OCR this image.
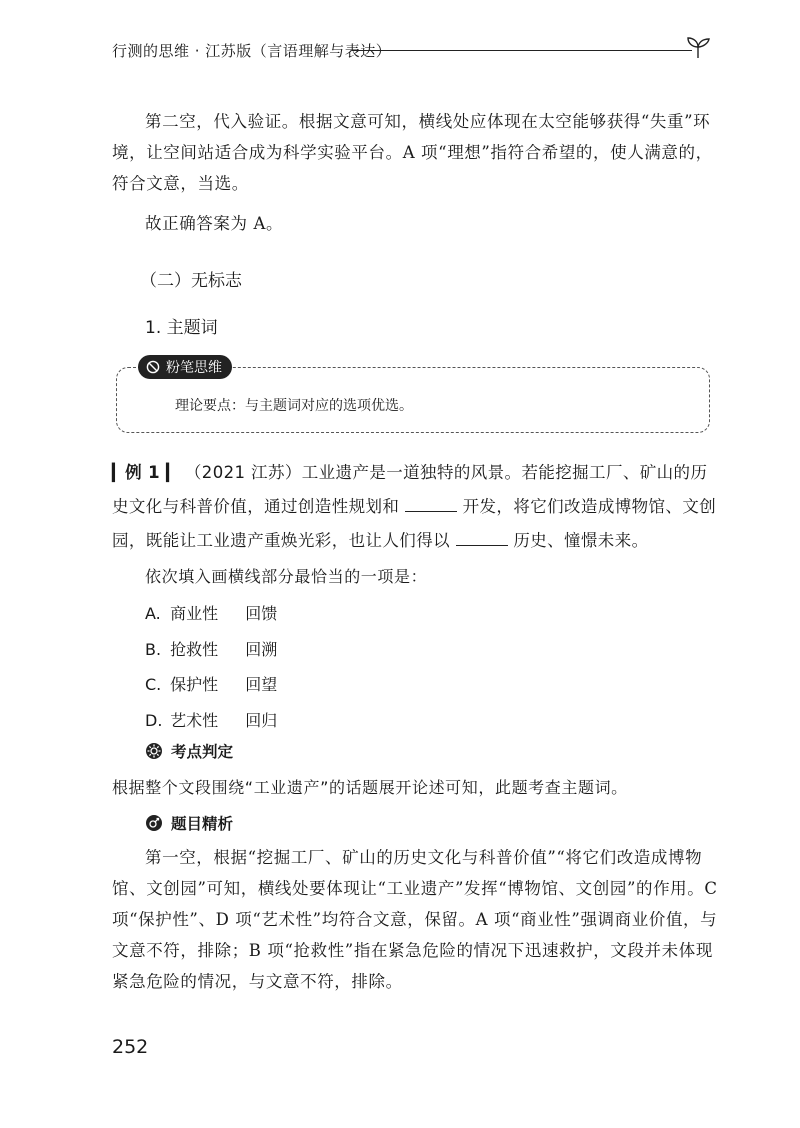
行测的思维 · 江苏版（言语理解与表达）

第二空，代入验证。根据文意可知，横线处应体现在太空能够获得“失重”环境，让空间站适合成为科学实验平台。A 项“理想”指符合希望的，使人满意的，符合文意，当选。

故正确答案为 A。

（二）无标志
1. 主题词
粉笔思维
理论要点：与主题词对应的选项优选。
▎例 1 ▎ （2021 江苏）工业遗产是一道独特的风景。若能挖掘工厂、矿山的历史文化与科普价值，通过创造性规划和	开发，将它们改造成博物馆、文创园，既能让工业遗产重焕光彩，也让人们得以	历史、憧憬未来。
依次填入画横线部分最恰当的一项是：
A. 商业性 回馈
B. 抢救性 回溯
C. 保护性 回望
D. 艺术性 回归
考点判定

根据整个文段围绕“工业遗产”的话题展开论述可知，此题考查主题词。

题目精析

第一空，根据“挖掘工厂、矿山的历史文化与科普价值”“将它们改造成博物馆、文创园”可知，横线处要体现让“工业遗产”发挥“博物馆、文创园”的作用。C 项“保护性”、D 项“艺术性”均符合文意，保留。A 项“商业性”强调商业价值，与文意不符，排除；B 项“抢救性”指在紧急危险的情况下迅速救护，文段并未体现紧急危险的情况，与文意不符，排除。

252
